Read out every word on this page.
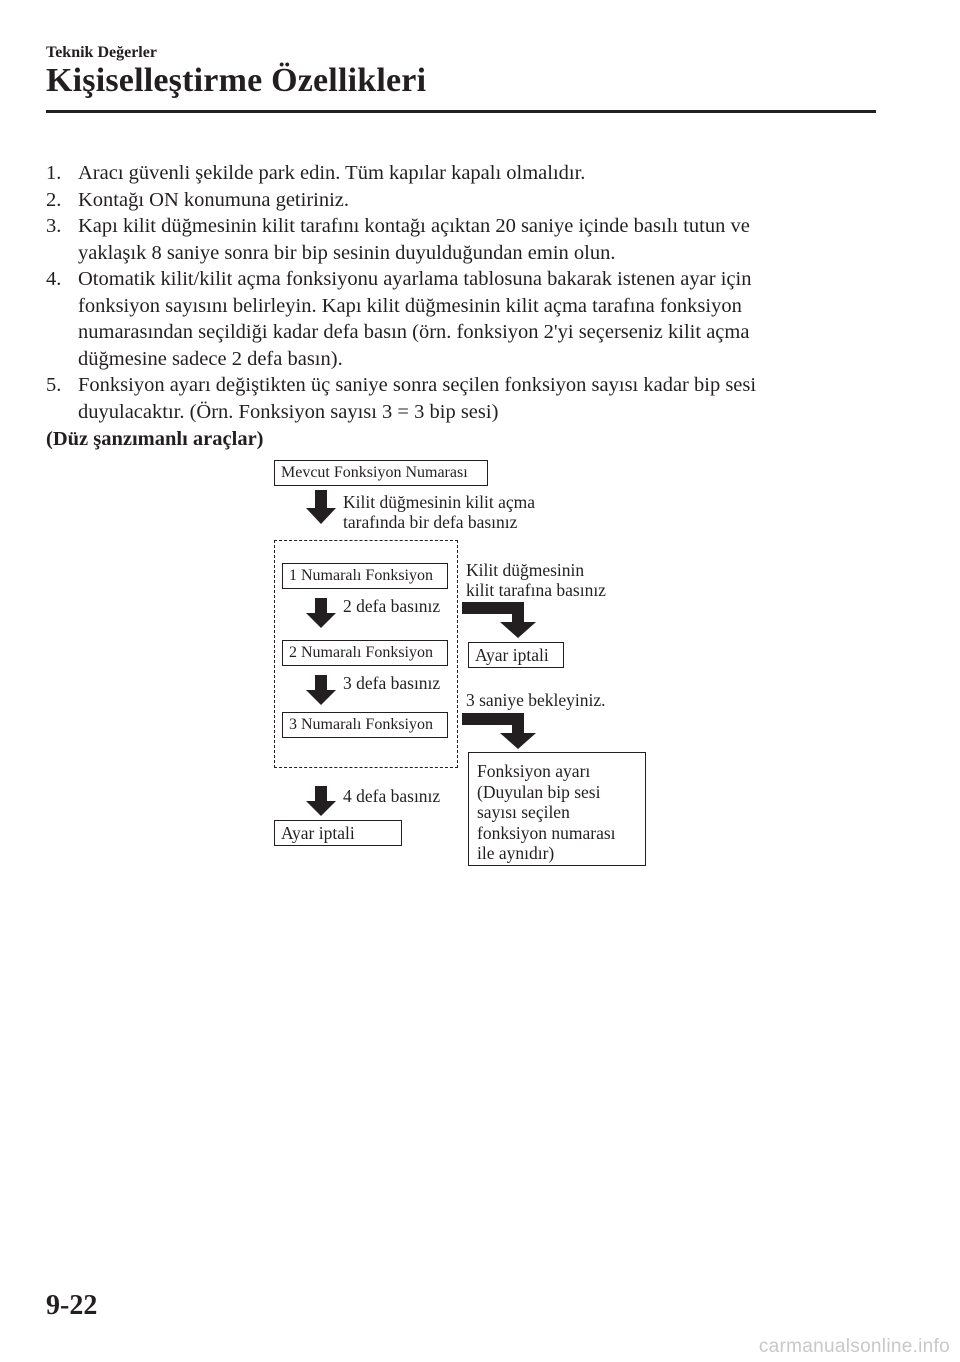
Teknik Değerler
Kişiselleştirme Özellikleri
1. Aracı güvenli şekilde park edin. Tüm kapılar kapalı olmalıdır.
2. Kontağı ON konumuna getiriniz.
3. Kapı kilit düğmesinin kilit tarafını kontağı açıktan 20 saniye içinde basılı tutun ve
yaklaşık 8 saniye sonra bir bip sesinin duyulduğundan emin olun.
4. Otomatik kilit/kilit açma fonksiyonu ayarlama tablosuna bakarak istenen ayar için
fonksiyon sayısını belirleyin. Kapı kilit düğmesinin kilit açma tarafına fonksiyon
numarasından seçildiği kadar defa basın (örn. fonksiyon 2'yi seçerseniz kilit açma
düğmesine sadece 2 defa basın).
5. Fonksiyon ayarı değiştikten üç saniye sonra seçilen fonksiyon sayısı kadar bip sesi
duyulacaktır. (Örn. Fonksiyon sayısı 3 = 3 bip sesi)
(Düz şanzımanlı araçlar)
Mevcut Fonksiyon Numarası
Kilit düğmesinin kilit açma
tarafında bir defa basınız
1 Numaralı Fonksiyon
2 defa basınız
2 Numaralı Fonksiyon
3 defa basınız
3 Numaralı Fonksiyon
4 defa basınız
Ayar iptali
Kilit düğmesinin
kilit tarafına basınız
Ayar iptali
3 saniye bekleyiniz.
Fonksiyon ayarı
(Duyulan bip sesi
sayısı seçilen
fonksiyon numarası
ile aynıdır)
9-22
carmanualsonline.info
